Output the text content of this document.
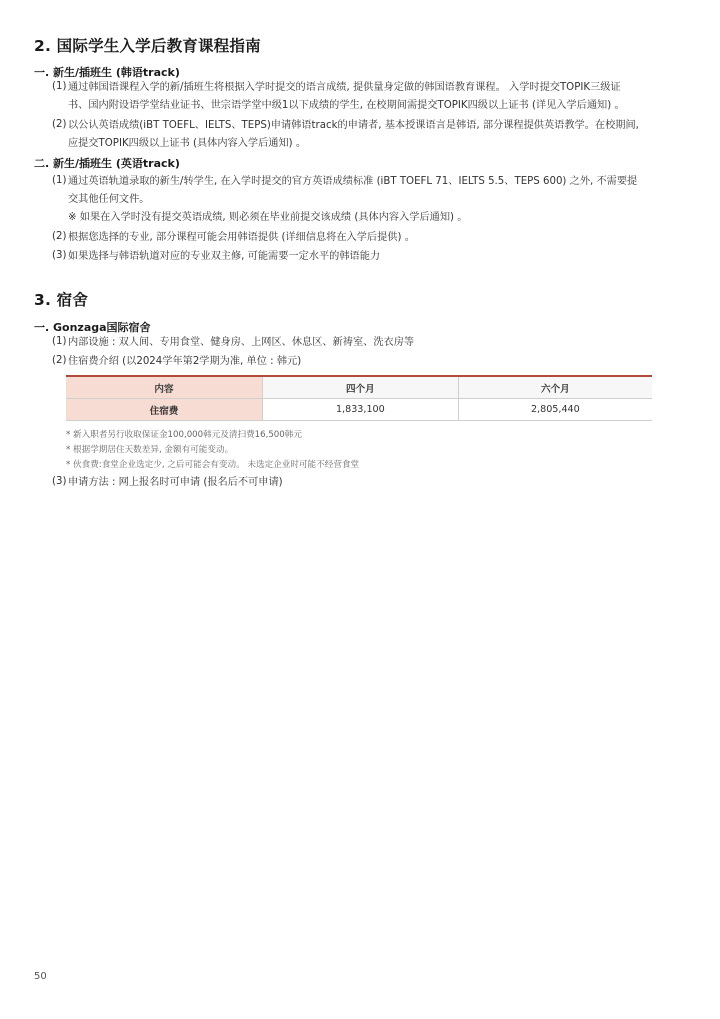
2. 国际学生入学后教育课程指南
一. 新生/插班生 (韩语track)
(1) 通过韩国语课程入学的新/插班生将根据入学时提交的语言成绩, 提供量身定做的韩国语教育课程。 入学时提交TOPIK三级证
书、国内附设语学堂结业证书、世宗语学堂中级1以下成绩的学生, 在校期间需提交TOPIK四级以上证书 (详见入学后通知) 。
(2) 以公认英语成绩(iBT TOEFL、IELTS、TEPS)申请韩语track的申请者, 基本授课语言是韩语, 部分课程提供英语教学。在校期间,
应提交TOPIK四级以上证书 (具体内容入学后通知) 。
二. 新生/插班生 (英语track)
(1) 通过英语轨道录取的新生/转学生, 在入学时提交的官方英语成绩标准 (iBT TOEFL 71、IELTS 5.5、TEPS 600) 之外, 不需要提
交其他任何文件。
※ 如果在入学时没有提交英语成绩, 则必须在毕业前提交该成绩 (具体内容入学后通知) 。
(2) 根据您选择的专业, 部分课程可能会用韩语提供 (详细信息将在入学后提供) 。
(3) 如果选择与韩语轨道对应的专业双主修, 可能需要一定水平的韩语能力
3. 宿舍
一. Gonzaga国际宿舍
(1) 内部设施 : 双人间、专用食堂、健身房、上网区、休息区、新祷室、洗衣房等
(2) 住宿费介绍 (以2024学年第2学期为准, 单位 : 韩元)
内容	四个月	六个月
住宿费	1,833,100	2,805,440
* 新入职者另行收取保证金100,000韩元及清扫费16,500韩元
* 根据学期居住天数差异, 金额有可能变动。
* 伙食费:食堂企业选定少, 之后可能会有变动。 未选定企业时可能不经营食堂
(3) 申请方法 : 网上报名时可申请 (报名后不可申请)
50
